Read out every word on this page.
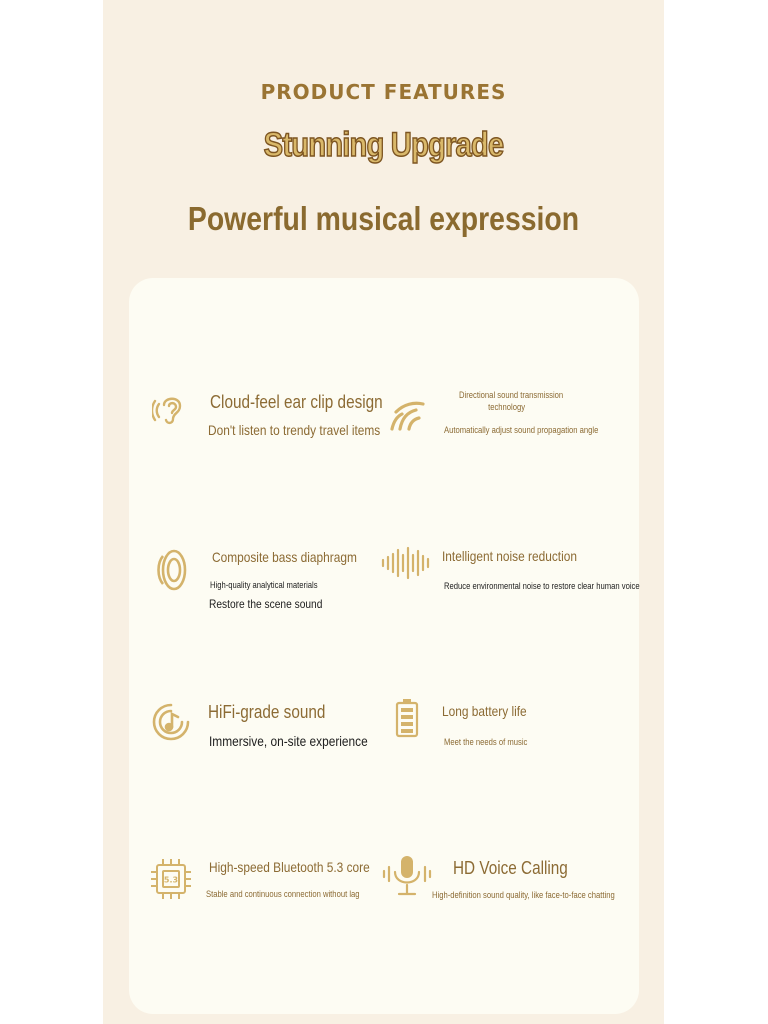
PRODUCT FEATURES
Stunning Upgrade
Powerful musical expression
Cloud-feel ear clip design
Don't listen to trendy travel items
Directional sound transmission
technology
Automatically adjust sound propagation angle
Composite bass diaphragm
High-quality analytical materials
Restore the scene sound
Intelligent noise reduction
Reduce environmental noise to restore clear human voice
HiFi-grade sound
Immersive, on-site experience
Long battery life
Meet the needs of music
5.3
High-speed Bluetooth 5.3 core
Stable and continuous connection without lag
HD Voice Calling
High-definition sound quality, like face-to-face chatting
